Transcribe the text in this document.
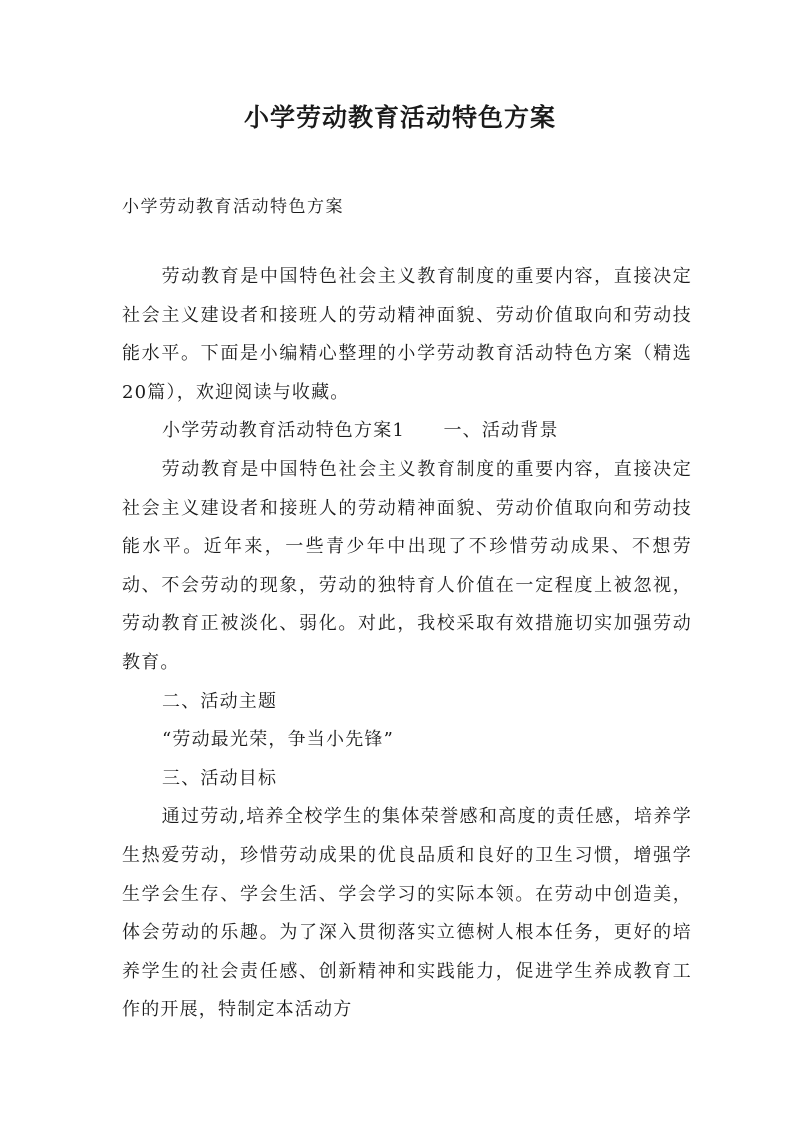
小学劳动教育活动特色方案
小学劳动教育活动特色方案

劳动教育是中国特色社会主义教育制度的重要内容，直接决定社会主义建设者和接班人的劳动精神面貌、劳动价值取向和劳动技能水平。下面是小编精心整理的小学劳动教育活动特色方案（精选20篇），欢迎阅读与收藏。

小学劳动教育活动特色方案1　　一、活动背景

劳动教育是中国特色社会主义教育制度的重要内容，直接决定社会主义建设者和接班人的劳动精神面貌、劳动价值取向和劳动技能水平。近年来，一些青少年中出现了不珍惜劳动成果、不想劳动、不会劳动的现象，劳动的独特育人价值在一定程度上被忽视，劳动教育正被淡化、弱化。对此，我校采取有效措施切实加强劳动教育。

二、活动主题

“劳动最光荣，争当小先锋”

三、活动目标

通过劳动,培养全校学生的集体荣誉感和高度的责任感，培养学生热爱劳动，珍惜劳动成果的优良品质和良好的卫生习惯，增强学生学会生存、学会生活、学会学习的实际本领。在劳动中创造美，体会劳动的乐趣。为了深入贯彻落实立德树人根本任务，更好的培养学生的社会责任感、创新精神和实践能力，促进学生养成教育工作的开展，特制定本活动方
